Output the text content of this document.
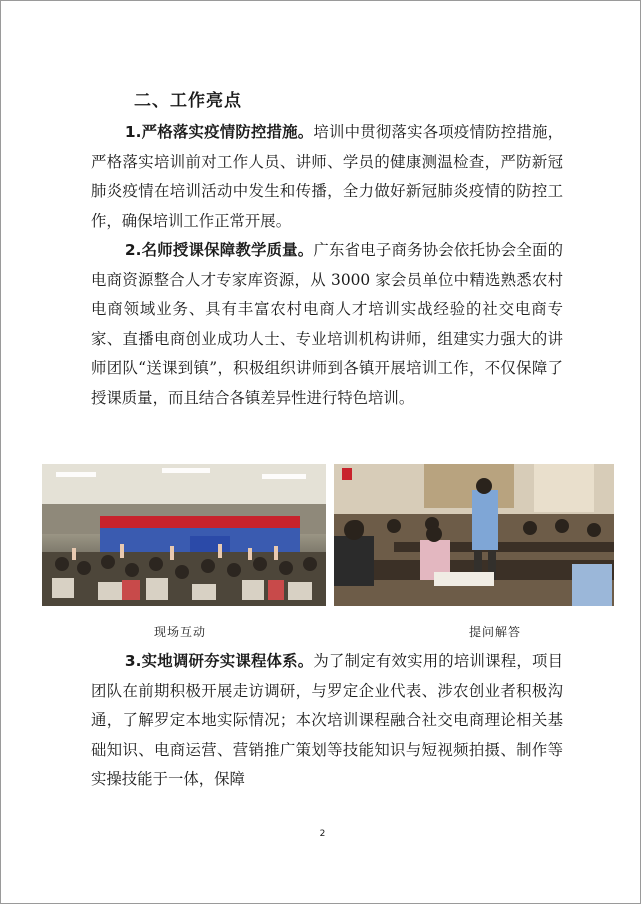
二、工作亮点

1.严格落实疫情防控措施。培训中贯彻落实各项疫情防控措施，严格落实培训前对工作人员、讲师、学员的健康测温检查，严防新冠肺炎疫情在培训活动中发生和传播，全力做好新冠肺炎疫情的防控工作，确保培训工作正常开展。

2.名师授课保障教学质量。广东省电子商务协会依托协会全面的电商资源整合人才专家库资源，从 3000 家会员单位中精选熟悉农村电商领域业务、具有丰富农村电商人才培训实战经验的社交电商专家、直播电商创业成功人士、专业培训机构讲师，组建实力强大的讲师团队“送课到镇”，积极组织讲师到各镇开展培训工作，不仅保障了授课质量，而且结合各镇差异性进行特色培训。

现场互动	提问解答

3.实地调研夯实课程体系。为了制定有效实用的培训课程，项目团队在前期积极开展走访调研，与罗定企业代表、涉农创业者积极沟通，了解罗定本地实际情况；本次培训课程融合社交电商理论相关基础知识、电商运营、营销推广策划等技能知识与短视频拍摄、制作等实操技能于一体，保障

2
